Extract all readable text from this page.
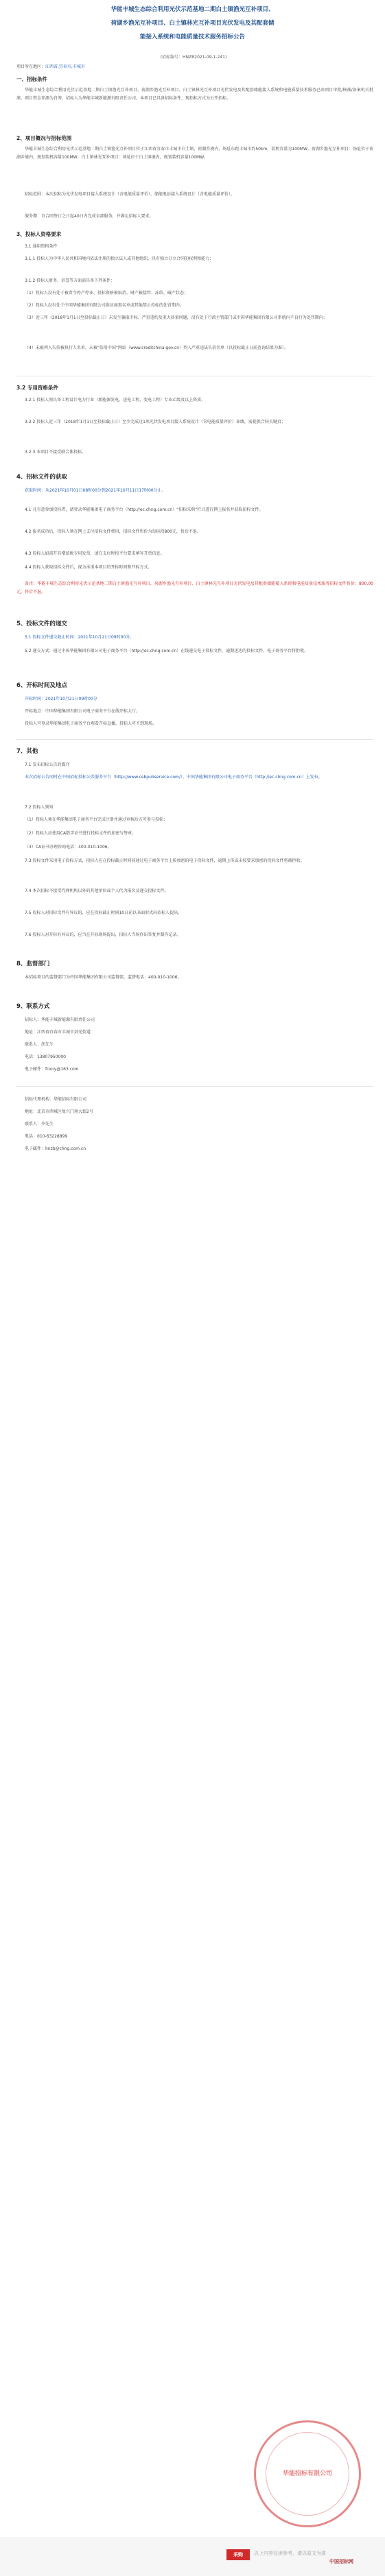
华能丰城生态综合利用光伏示范基地二期白土镇渔光互补项目、
荷湖乡渔光互补项目、白土镇林光互补项目光伏发电及其配套储
能接入系统和电能质量技术服务招标公告
(招标编号：HNZB2021-09-1-241)
项目所在地区：江西省,宜春市,丰城市
一、招标条件
华能丰城生态综合利用光伏示范基地二期白土镇渔光互补项目、荷湖乡渔光互补项目、白土镇林光互补项目光伏发电及其配套储能接入系统和电能质量技术服务已由项目审批/核准/备案机关批准，项目资金来源为自筹，招标人为华能丰城新能源有限责任公司。本项目已具备招标条件，现招标方式为公开招标。
2、项目概况与招标范围
华能丰城生态综合利用光伏示范基地二期白土镇渔光互补项目位于江西省宜春市丰城市白土镇、荷湖乡境内，场址东距丰城市约50km，装机容量为100MW。荷湖乡渔光互补项目：场址位于荷湖乡境内，规划装机容量100MW；白土镇林光互补项目：场址位于白土镇境内，规划装机容量100MW。
招标范围：本次招标为光伏发电项目接入系统设计（含电能质量评价）、储能电站接入系统设计（含电能质量评价）。
服务期：自合同签订之日起40日内完成全部服务，并满足招标人要求。
3、投标人资格要求
3.1 通用资格条件
3.1.1 投标人为中华人民共和国境内依法注册的独立法人或其他组织，具有独立订立合同的权利和能力；
3.1.2 投标人财务、信誉等方面需具备下列条件：
（1）投标人没有处于被责令停产停业、投标资格被取消、财产被接管、冻结、破产状态；
（2）投标人没有处于中国华能集团有限公司供应商黑名单或其他禁止投标的处罚期内；
（3）近三年（2018年1月1日至投标截止日）未发生骗取中标、严重违约及重大质量问题，没有处于行政主管部门或中国华能集团有限公司系统内不良行为处罚期内；
（4）未被列入失信被执行人名单，未被“信用中国”网站（www.creditchina.gov.cn）列入严重违法失信名单（以投标截止日前查询结果为准）。
3.2 专用资格条件
3.2.1 投标人须具备工程设计电力行业（新能源发电、送电工程、变电工程）专业乙级及以上资质；
3.2.2 投标人近三年（2018年1月1日至投标截止日）至少完成过1项光伏发电项目接入系统设计（含电能质量评价）业绩，需提供合同关键页；
3.2.3 本项目不接受联合体投标。
4、招标文件的获取
获取时间：从2021年10月01日08时00分到2021年10月11日17时00分止。
4.1 凡有意参加投标者，请登录华能集团电子商务平台（http://ec.chng.com.cn）“招标采购”栏目进行网上报名并获取招标文件。
4.2 报名成功后，投标人须在网上支付招标文件费用，招标文件售价为每标段800元，售后不退。
4.3 投标人如需开具增值税专用发票，请在支付时按平台要求填写开票信息。
4.4 投标人获取招标文件后，视为承诺本项目的开标时间和开标方式。
备注：华能丰城生态综合利用光伏示范基地二期白土镇渔光互补项目、荷湖乡渔光互补项目、白土镇林光互补项目光伏发电及其配套储能接入系统和电能质量技术服务招标文件售价：800.00元，售后不退。
5、投标文件的递交
5.1 投标文件递交截止时间：2021年10月21日09时00分。
5.2 递交方式：通过中国华能集团有限公司电子商务平台（http://ec.chng.com.cn）在线递交电子投标文件。逾期送达的投标文件，电子商务平台将拒收。
6、开标时间及地点
开标时间：2021年10月21日09时00分
开标地点：中国华能集团有限公司电子商务平台在线开标大厅。
投标人可登录华能集团电子商务平台观看开标直播，投标人可不到现场。
7、其他
7.1 发布招标公告的媒介
本次招标公告同时在中国招标投标公共服务平台（http://www.cebpubservice.com/）、中国华能集团有限公司电子商务平台（http://ec.chng.com.cn）上发布。
7.2 投标人须知
（1）投标人须在华能集团电子商务平台完成注册并通过审核后方可参与投标；
（2）投标人应使用CA数字证书进行投标文件的加密与签章；
（3）CA证书办理咨询电话：400-010-1006。
7.3 投标文件采用电子投标方式，投标人应在投标截止时间前通过电子商务平台上传加密的电子投标文件，逾期上传或未按要求加密的投标文件将被拒收。
7.4 本次招标不接受代理机构以外的其他单位或个人代为报名及递交投标文件。
7.5 投标人对招标文件有异议的，应在投标截止时间10日前以书面形式向招标人提出。
7.6 投标人对开标有异议的，应当在开标现场提出，招标人当场作出答复并制作记录。
8、监督部门
本招标项目的监督部门为中国华能集团有限公司监督部，监督电话：400-010-1006。
9、联系方式
招标人：华能丰城新能源有限责任公司
地址：江西省宜春市丰城市剑光街道
联系人：胡先生
电话：13807950000
电子邮件：fcxny@163.com
招标代理机构：华能招标有限公司
地址：北京市西城区复兴门南大街2号
联系人：李先生
电话：010-63228899
电子邮件：hnzb@chng.com.cn
华能招标有限公司
采购	以上内容仅供参考，请以原文为准
中国招标网
